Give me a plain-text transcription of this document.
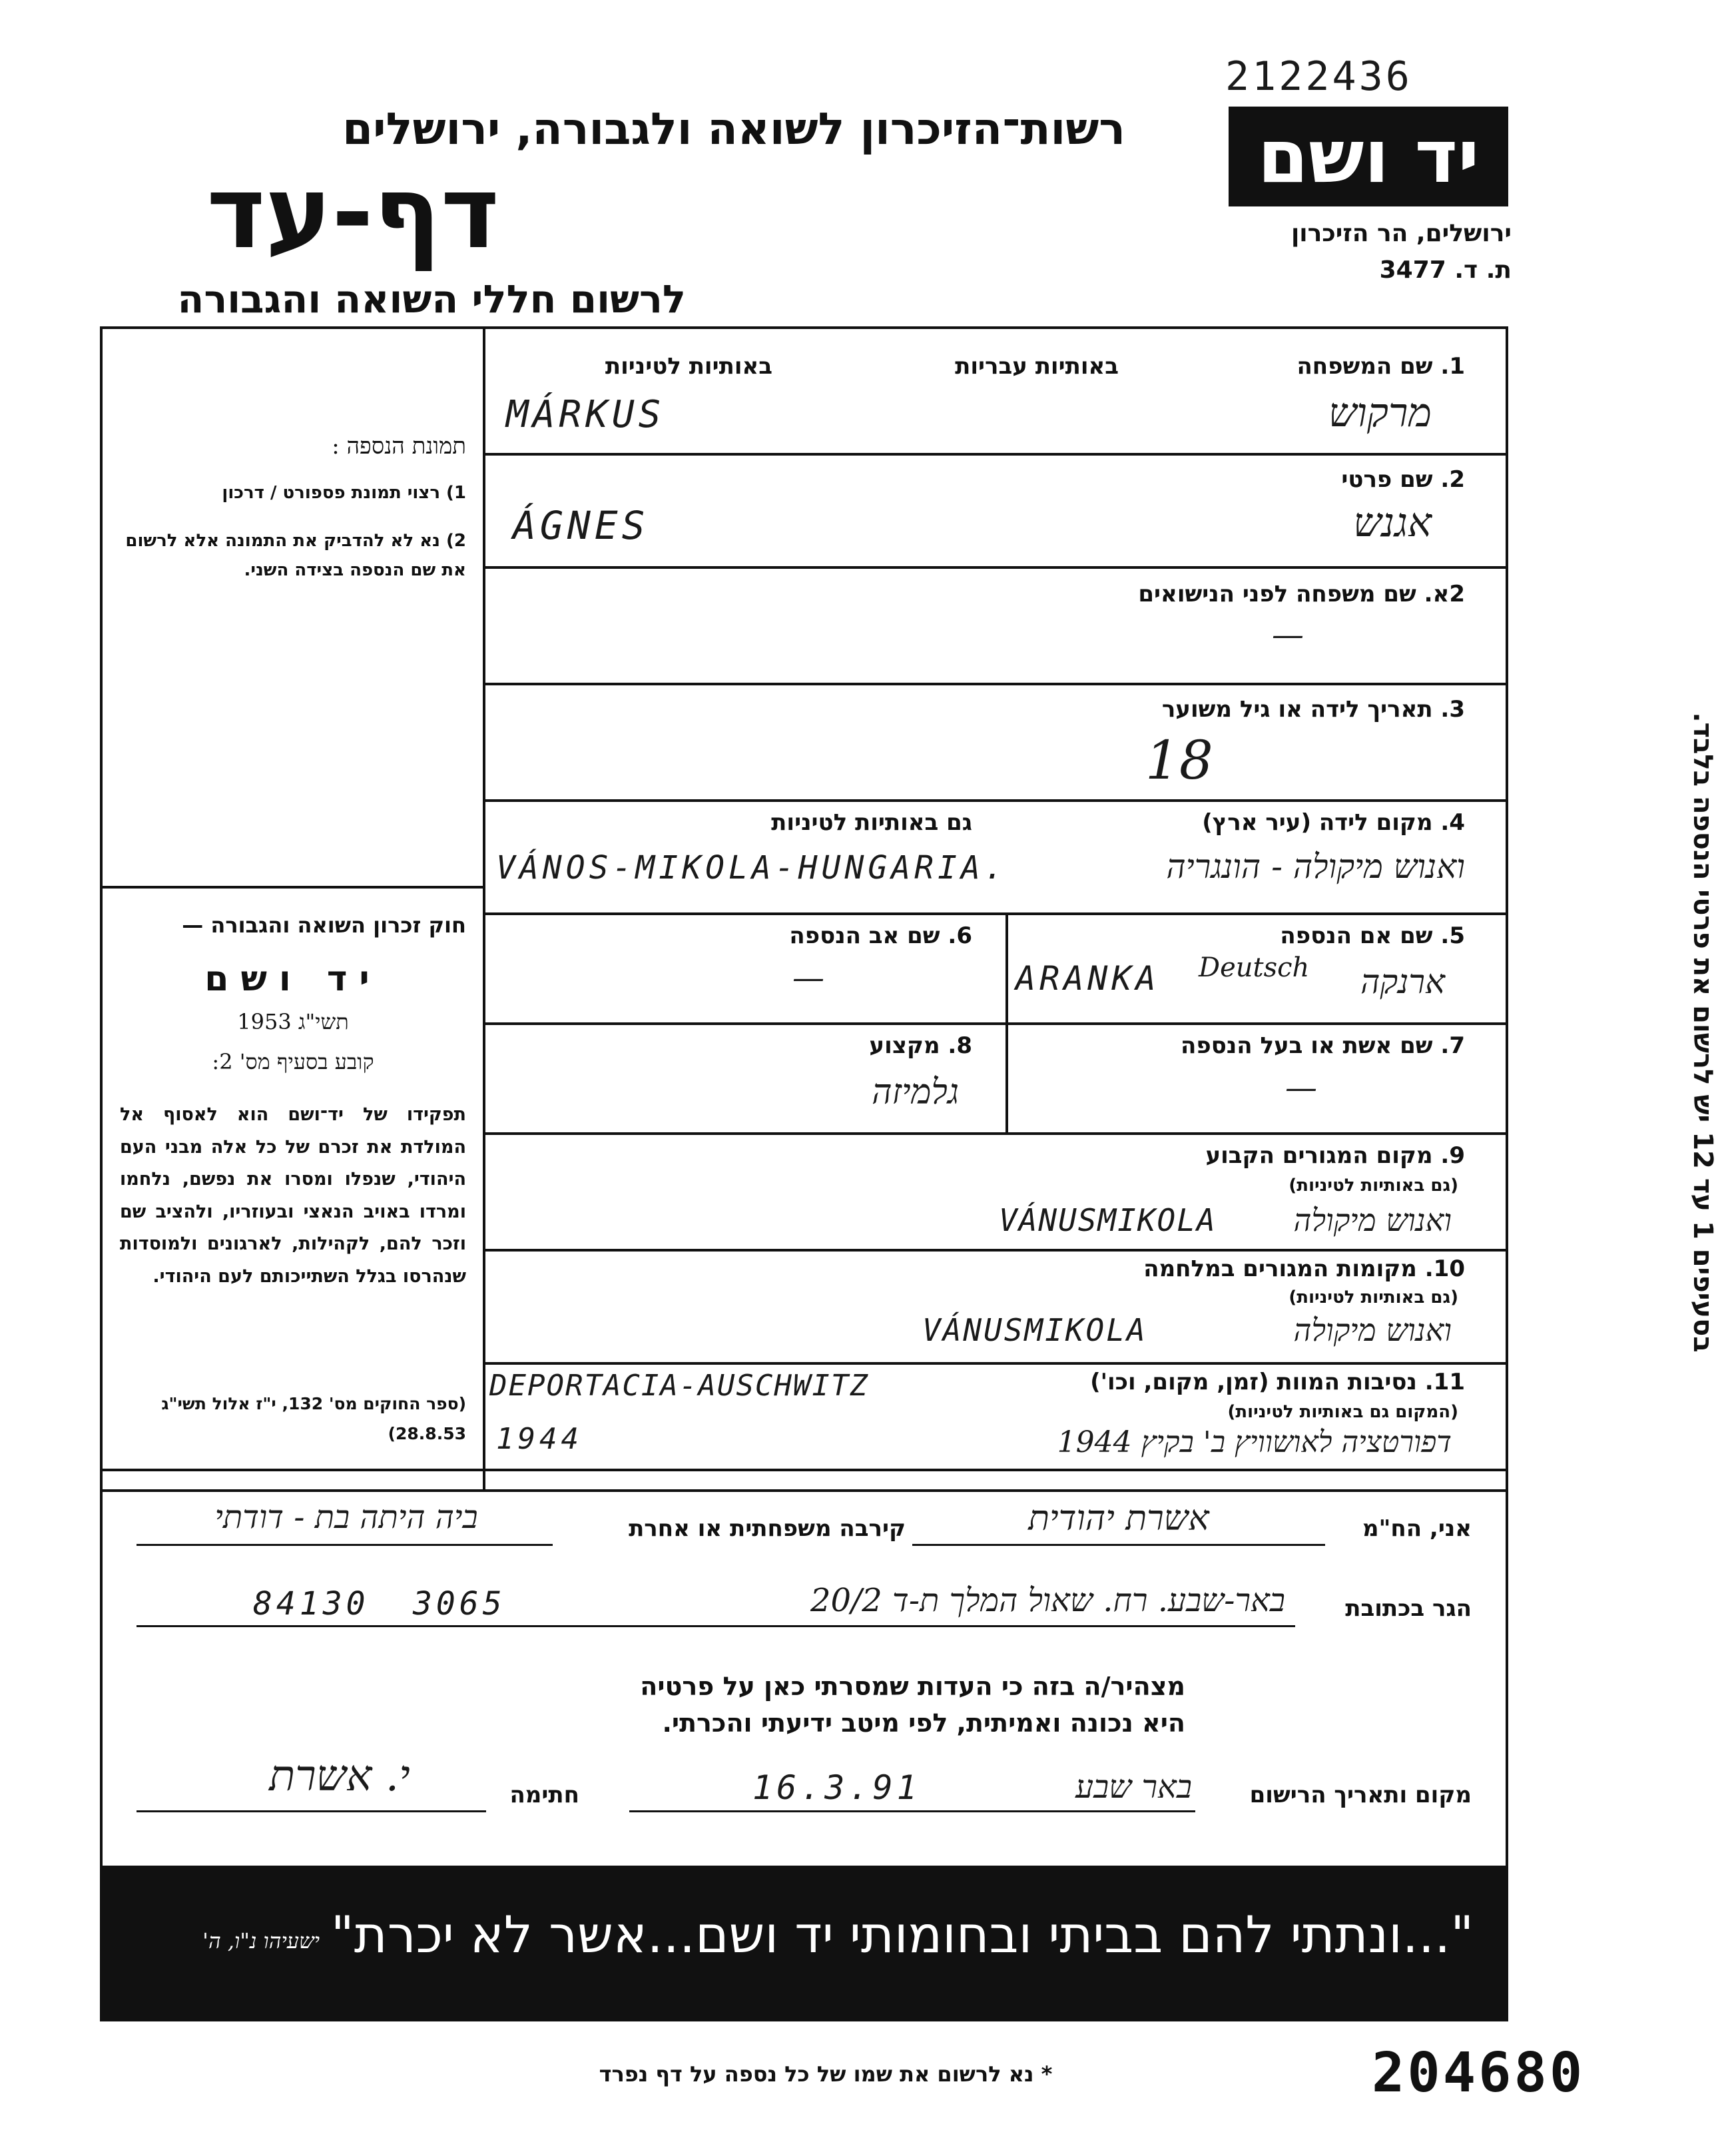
2122436
רשות־הזיכרון לשואה ולגבורה, ירושלים
דף-עד
לרשום חללי השואה והגבורה
יד ושם
ירושלים, הר הזיכרון
ת. ד. 3477
תמונת הנספה :
1) רצוי תמונת פספורט / דרכון
2) נא לא להדביק את התמונה אלא לרשום את שם הנספה בצידה השני.
חוק זכרון השואה והגבורה —
יד ושם
תשי"ג 1953
קובע בסעיף מס' 2:
תפקידו של יד־ושם הוא לאסוף אל המולדת את זכרם של כל אלה מבני העם היהודי, שנפלו ומסרו את נפשם, נלחמו ומרדו באויב הנאצי ובעוזריו, ולהציב שם וזכר להם, לקהילות, לארגונים ולמוסדות שנהרסו בגלל השתייכותם לעם היהודי.
(ספר החוקים מס' 132, י"ז אלול תשי"ג 28.8.53)
1. שם המשפחה
באותיות עבריות
באותיות לטיניות
MÁRKUS	מרקוש
2. שם פרטי
ÁGNES	אגנש
2א. שם משפחה לפני הנישואים
—
3. תאריך לידה או גיל משוער
18
4. מקום לידה (עיר ארץ)
גם באותיות לטיניות
VÁNOS-MIKOLA-HUNGARIA.	ואנוש מיקולה - הונגריה
5. שם אם הנספה
ARANKA Deutsch	ארנקה
6. שם אב הנספה
—
7. שם אשת או בעל הנספה
—
8. מקצוע
גלמיזה
9. מקום המגורים הקבוע
(גם באותיות לטיניות)
VÁNUSMIKOLA	ואנוש מיקולה
10. מקומות המגורים במלחמה
(גם באותיות לטיניות)
VÁNUSMIKOLA	ואנוש מיקולה
11. נסיבות המוות (זמן, מקום, וכו')
(המקום גם באותיות לטיניות)
DEPORTACIA-AUSCHWITZ
1944	דפורטציה לאושוויץ ב' בקיץ 1944
אני, הח"מ
אשרת יהודית
קירבה משפחתית או אחרת
ביה היתה בת - דודתי
הגר בכתובת
באר-שבע. רח. שאול המלך ת-ד 20/2
3065
84130
מצהיר/ה בזה כי העדות שמסרתי כאן על פרטיה
היא נכונה ואמיתית, לפי מיטב ידיעתי והכרתי.
מקום ותאריך הרישום
באר שבע
16.3.91
חתימה
י. אשרת
בסעיפים 1 עד 12 יש לרשום את פרטי הנספה בלבד.
"...ונתתי להם בביתי ובחומותי יד ושם...אשר לא יכרת"
ישעיהו נ"ו, ה'
* נא לרשום את שמו של כל נספה על דף נפרד	204680
